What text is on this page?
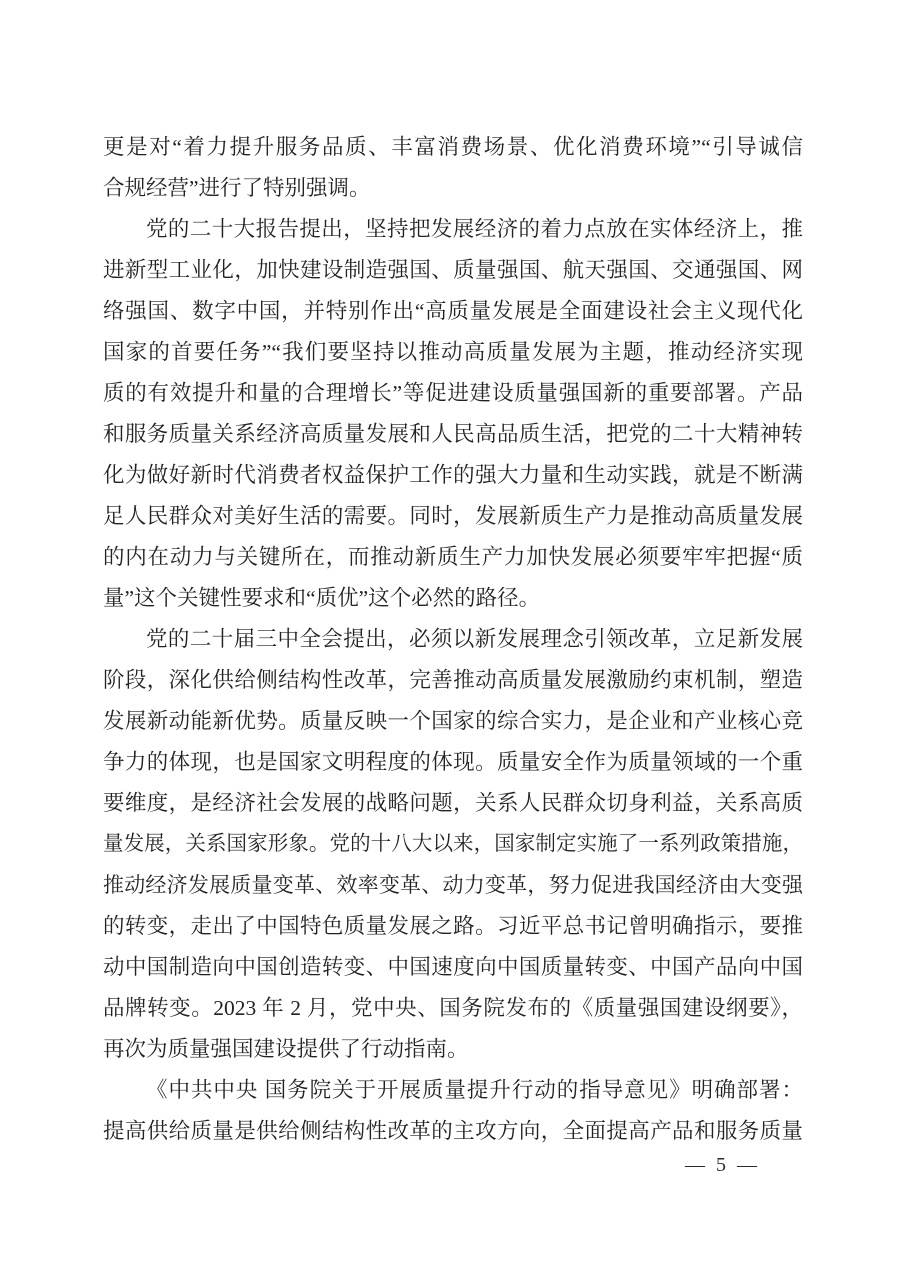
更是对“着力提升服务品质、丰富消费场景、优化消费环境”“引导诚信
合规经营”进行了特别强调。
党的二十大报告提出，坚持把发展经济的着力点放在实体经济上，推
进新型工业化，加快建设制造强国、质量强国、航天强国、交通强国、网
络强国、数字中国，并特别作出“高质量发展是全面建设社会主义现代化
国家的首要任务”“我们要坚持以推动高质量发展为主题，推动经济实现
质的有效提升和量的合理增长”等促进建设质量强国新的重要部署。产品
和服务质量关系经济高质量发展和人民高品质生活，把党的二十大精神转
化为做好新时代消费者权益保护工作的强大力量和生动实践，就是不断满
足人民群众对美好生活的需要。同时，发展新质生产力是推动高质量发展
的内在动力与关键所在，而推动新质生产力加快发展必须要牢牢把握“质
量”这个关键性要求和“质优”这个必然的路径。
党的二十届三中全会提出，必须以新发展理念引领改革，立足新发展
阶段，深化供给侧结构性改革，完善推动高质量发展激励约束机制，塑造
发展新动能新优势。质量反映一个国家的综合实力，是企业和产业核心竞
争力的体现，也是国家文明程度的体现。质量安全作为质量领域的一个重
要维度，是经济社会发展的战略问题，关系人民群众切身利益，关系高质
量发展，关系国家形象。党的十八大以来，国家制定实施了一系列政策措施，
推动经济发展质量变革、效率变革、动力变革，努力促进我国经济由大变强
的转变，走出了中国特色质量发展之路。习近平总书记曾明确指示，要推
动中国制造向中国创造转变、中国速度向中国质量转变、中国产品向中国
品牌转变。2023 年 2 月，党中央、国务院发布的《质量强国建设纲要》，
再次为质量强国建设提供了行动指南。
《中共中央 国务院关于开展质量提升行动的指导意见》明确部署：
提高供给质量是供给侧结构性改革的主攻方向，全面提高产品和服务质量
— 5 —
